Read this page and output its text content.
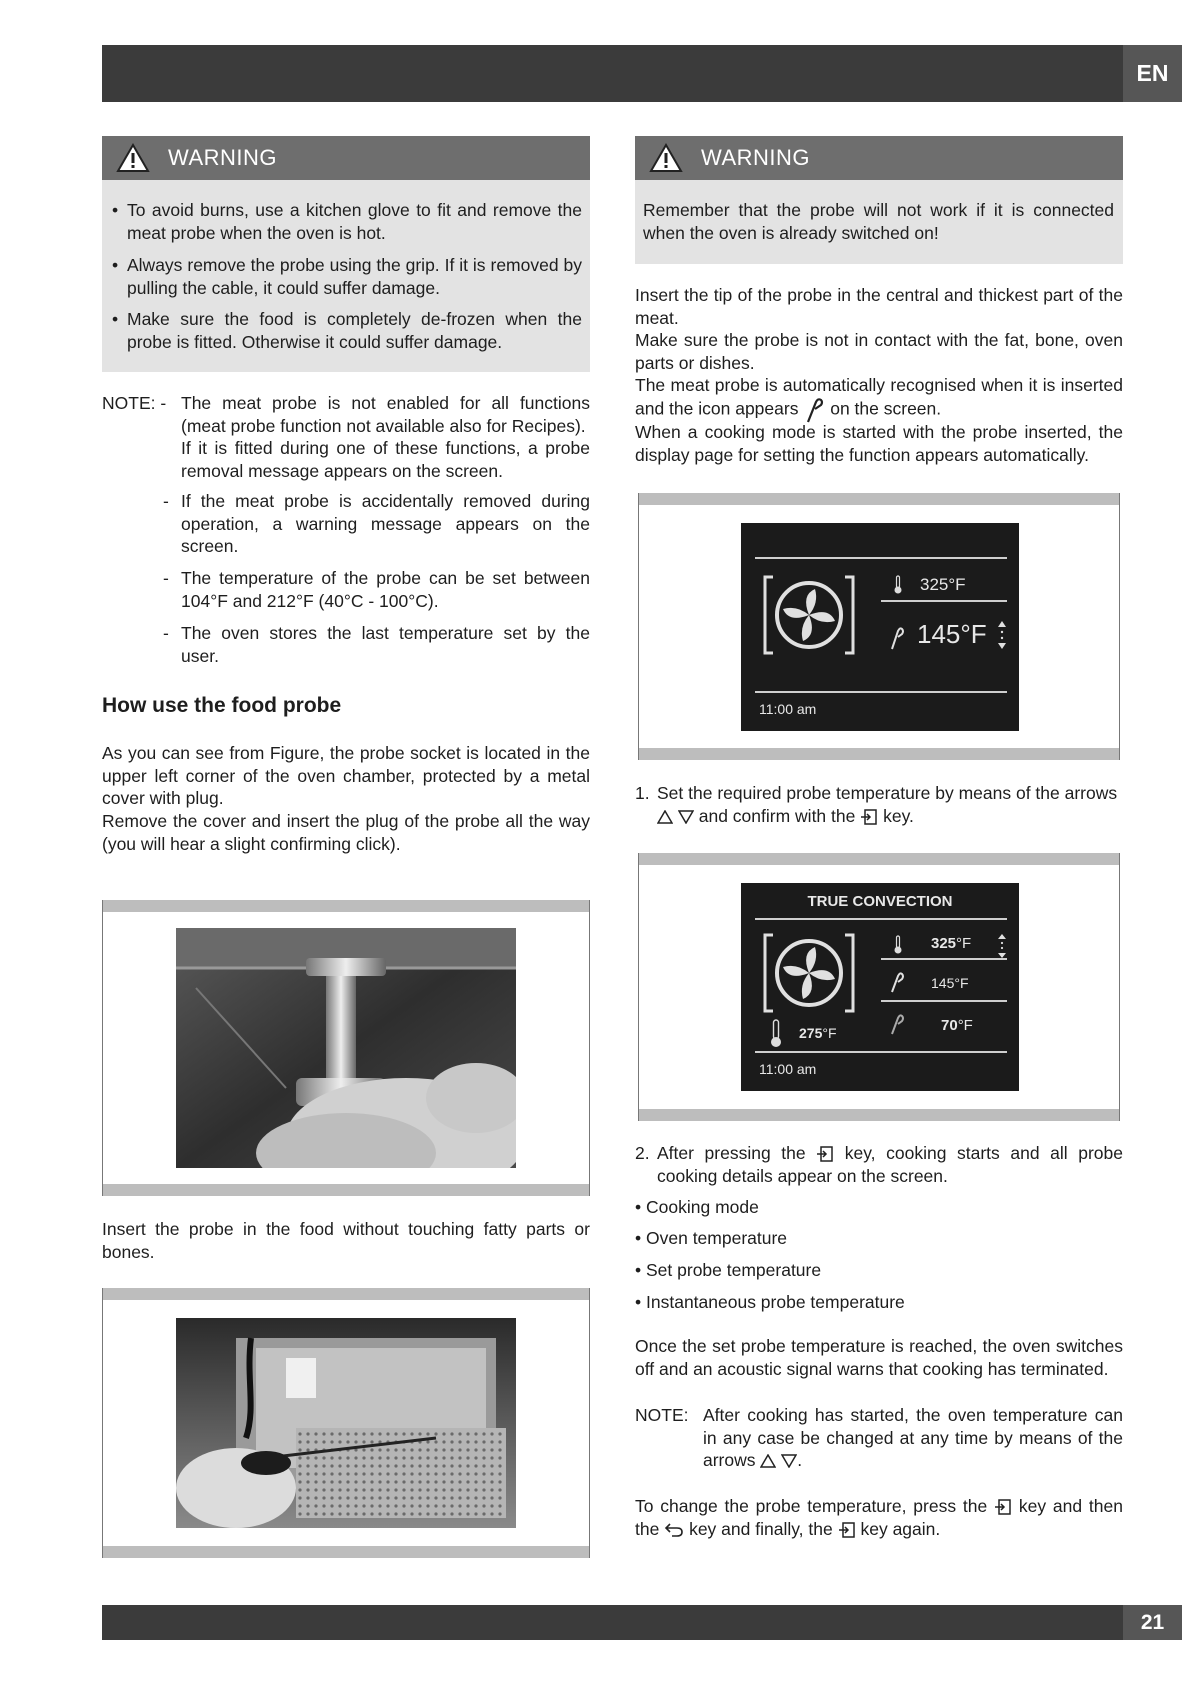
EN
21
WARNING
• To avoid burns, use a kitchen glove to fit and remove the meat probe when the oven is hot.
• Always remove the probe using the grip. If it is removed by pulling the cable, it could suffer damage.
• Make sure the food is completely de-frozen when the probe is fitted. Otherwise it could suffer damage.
NOTE: - The meat probe is not enabled for all functions (meat probe function not available also for Recipes).
If it is fitted during one of these functions, a probe removal message appears on the screen.
- If the meat probe is accidentally removed during operation, a warning message appears on the screen.
- The temperature of the probe can be set between 104°F and 212°F (40°C - 100°C).
- The oven stores the last temperature set by the user.
How use the food probe
As you can see from Figure, the probe socket is located in the upper left corner of the oven chamber, protected by a metal cover with plug.
Remove the cover and insert the plug of the probe all the way (you will hear a slight confirming click).
Insert the probe in the food without touching fatty parts or bones.
WARNING
Remember that the probe will not work if it is connected when the oven is already switched on!
Insert the tip of the probe in the central and thickest part of the meat.
Make sure the probe is not in contact with the fat, bone, oven parts or dishes.
The meat probe is automatically recognised when it is inserted and the icon appears on the screen.
When a cooking mode is started with the probe inserted, the display page for setting the function appears automatically.
325°F
145°F
11:00 am
1. Set the required probe temperature by means of the arrows
and confirm with the key.
TRUE CONVECTION
325°F
145°F
70°F
275°F
11:00 am
2. After pressing the key, cooking starts and all probe cooking details appear on the screen.
• Cooking mode
• Oven temperature
• Set probe temperature
• Instantaneous probe temperature
Once the set probe temperature is reached, the oven switches off and an acoustic signal warns that cooking has terminated.
NOTE: After cooking has started, the oven temperature can in any case be changed at any time by means of the arrows .
To change the probe temperature, press the key and then the key and finally, the key again.
